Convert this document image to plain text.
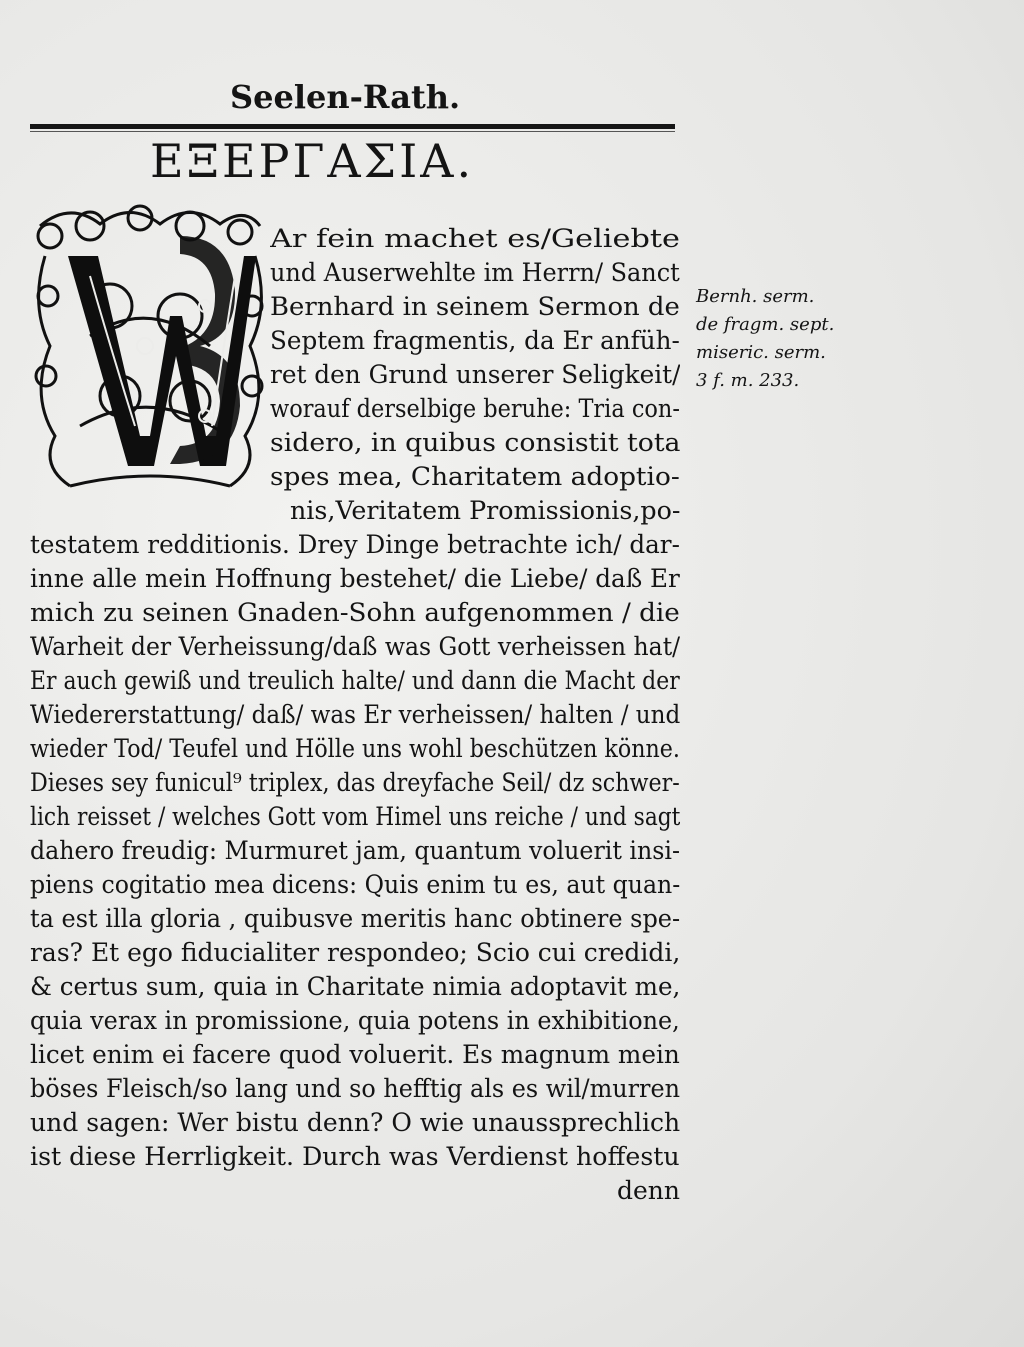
Seelen-Rath.
ΕΞΕΡΓΑΣΙΑ.
Ar fein machet es/Geliebte
und Auserwehlte im Herrn/ Sanct
Bernhard in seinem Sermon de
Septem fragmentis, da Er anfüh-
ret den Grund unserer Seligkeit/
worauf derselbige beruhe: Tria con-
sidero, in quibus consistit tota
spes mea, Charitatem adoptio-
nis,Veritatem Promissionis,po-
testatem redditionis. Drey Dinge betrachte ich/ dar-
inne alle mein Hoffnung bestehet/ die Liebe/ daß Er
mich zu seinen Gnaden-Sohn aufgenommen / die
Warheit der Verheissung/daß was Gott verheissen hat/
Er auch gewiß und treulich halte/ und dann die Macht der
Wiedererstattung/ daß/ was Er verheissen/ halten / und
wieder Tod/ Teufel und Hölle uns wohl beschützen könne.
Dieses sey funicul⁹ triplex, das dreyfache Seil/ dz schwer-
lich reisset / welches Gott vom Himel uns reiche / und sagt
dahero freudig: Murmuret jam, quantum voluerit insi-
piens cogitatio mea dicens: Quis enim tu es, aut quan-
ta est illa gloria , quibusve meritis hanc obtinere spe-
ras? Et ego fiducialiter respondeo; Scio cui credidi,
& certus sum, quia in Charitate nimia adoptavit me,
quia verax in promissione, quia potens in exhibitione,
licet enim ei facere quod voluerit. Es magnum mein
böses Fleisch/so lang und so hefftig als es wil/murren
und sagen: Wer bistu denn? O wie unaussprechlich
ist diese Herrligkeit. Durch was Verdienst hoffestu
denn
Bernh. serm.
de fragm. sept.
miseric. serm.
3 f. m. 233.
